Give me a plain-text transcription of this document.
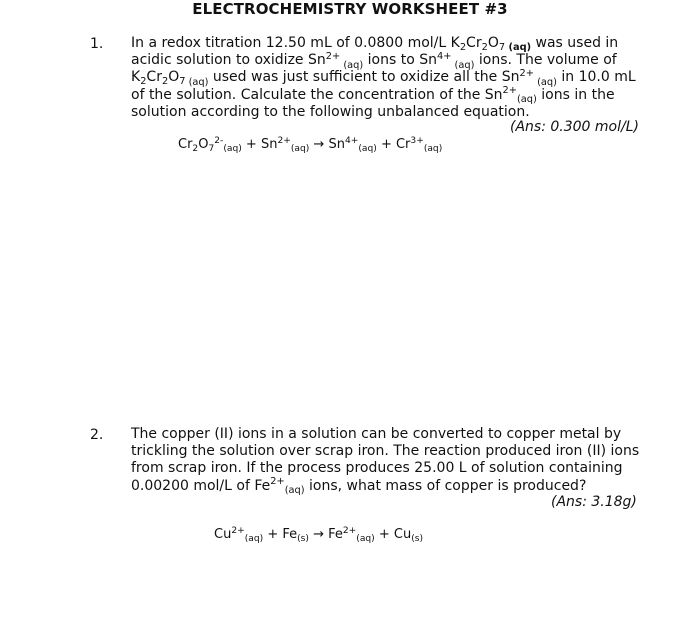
ELECTROCHEMISTRY WORKSHEET #3
1. In a redox titration 12.50 mL of 0.0800 mol/L $K_2Cr_2O_7$ $_{(aq)}$ was used in
acidic solution to oxidize $Sn^{2+}$ $_{(aq)}$ ions to $Sn^{4+}$ $_{(aq)}$ ions. The volume of
$K_2Cr_2O_7$ $_{(aq)}$ used was just sufficient to oxidize all the $Sn^{2+}$ $_{(aq)}$ in 10.0 mL
of the solution. Calculate the concentration of the $Sn^{2+}_{(aq)}$ ions in the
solution according to the following unbalanced equation.
(Ans: 0.300 mol/L)
$Cr_2O_7^{2-}_{(aq)} + Sn^{2+}_{(aq)} \to Sn^{4+}_{(aq)} + Cr^{3+}_{(aq)}$
2. The copper (II) ions in a solution can be converted to copper metal by
trickling the solution over scrap iron. The reaction produced iron (II) ions
from scrap iron. If the process produces 25.00 L of solution containing
0.00200 mol/L of $Fe^{2+}_{(aq)}$ ions, what mass of copper is produced?
(Ans: 3.18g)
$Cu^{2+}_{(aq)} + Fe_{(s)} \to Fe^{2+}_{(aq)} + Cu_{(s)}$
